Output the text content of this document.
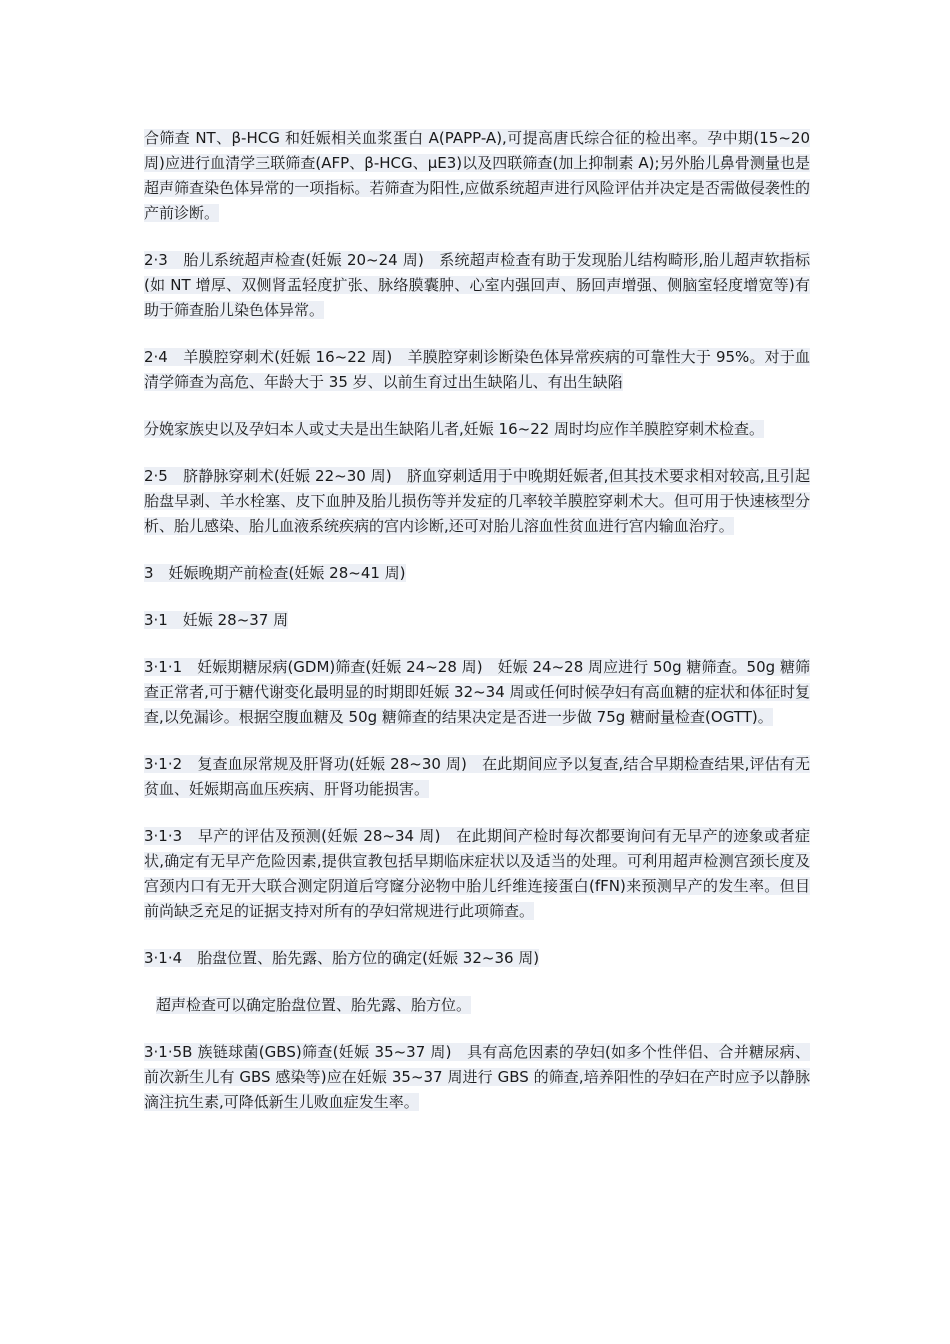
合筛查 NT、β-HCG 和妊娠相关血浆蛋白 A(PAPP-A),可提高唐氏综合征的检出率。孕中期(15~20 周)应进行血清学三联筛查(AFP、β-HCG、μE3)以及四联筛查(加上抑制素 A);另外胎儿鼻骨测量也是超声筛查染色体异常的一项指标。若筛查为阳性,应做系统超声进行风险评估并决定是否需做侵袭性的产前诊断。

2·3　胎儿系统超声检查(妊娠 20~24 周)　系统超声检查有助于发现胎儿结构畸形,胎儿超声软指标(如 NT 增厚、双侧肾盂轻度扩张、脉络膜囊肿、心室内强回声、肠回声增强、侧脑室轻度增宽等)有助于筛查胎儿染色体异常。

2·4　羊膜腔穿刺术(妊娠 16~22 周)　羊膜腔穿刺诊断染色体异常疾病的可靠性大于 95%。对于血清学筛查为高危、年龄大于 35 岁、以前生育过出生缺陷儿、有出生缺陷

分娩家族史以及孕妇本人或丈夫是出生缺陷儿者,妊娠 16~22 周时均应作羊膜腔穿刺术检查。

2·5　脐静脉穿刺术(妊娠 22~30 周)　脐血穿刺适用于中晚期妊娠者,但其技术要求相对较高,且引起胎盘早剥、羊水栓塞、皮下血肿及胎儿损伤等并发症的几率较羊膜腔穿刺术大。但可用于快速核型分析、胎儿感染、胎儿血液系统疾病的宫内诊断,还可对胎儿溶血性贫血进行宫内输血治疗。

3　妊娠晚期产前检查(妊娠 28~41 周)

3·1　妊娠 28~37 周

3·1·1　妊娠期糖尿病(GDM)筛查(妊娠 24~28 周)　妊娠 24~28 周应进行 50g 糖筛查。50g 糖筛查正常者,可于糖代谢变化最明显的时期即妊娠 32~34 周或任何时候孕妇有高血糖的症状和体征时复查,以免漏诊。根据空腹血糖及 50g 糖筛查的结果决定是否进一步做 75g 糖耐量检查(OGTT)。

3·1·2　复查血尿常规及肝肾功(妊娠 28~30 周)　在此期间应予以复查,结合早期检查结果,评估有无贫血、妊娠期高血压疾病、肝肾功能损害。

3·1·3　早产的评估及预测(妊娠 28~34 周)　在此期间产检时每次都要询问有无早产的迹象或者症状,确定有无早产危险因素,提供宣教包括早期临床症状以及适当的处理。可利用超声检测宫颈长度及宫颈内口有无开大联合测定阴道后穹窿分泌物中胎儿纤维连接蛋白(fFN)来预测早产的发生率。但目前尚缺乏充足的证据支持对所有的孕妇常规进行此项筛查。

3·1·4　胎盘位置、胎先露、胎方位的确定(妊娠 32~36 周)

超声检查可以确定胎盘位置、胎先露、胎方位。

3·1·5B 族链球菌(GBS)筛查(妊娠 35~37 周)　具有高危因素的孕妇(如多个性伴侣、合并糖尿病、前次新生儿有 GBS 感染等)应在妊娠 35~37 周进行 GBS 的筛查,培养阳性的孕妇在产时应予以静脉滴注抗生素,可降低新生儿败血症发生率。
